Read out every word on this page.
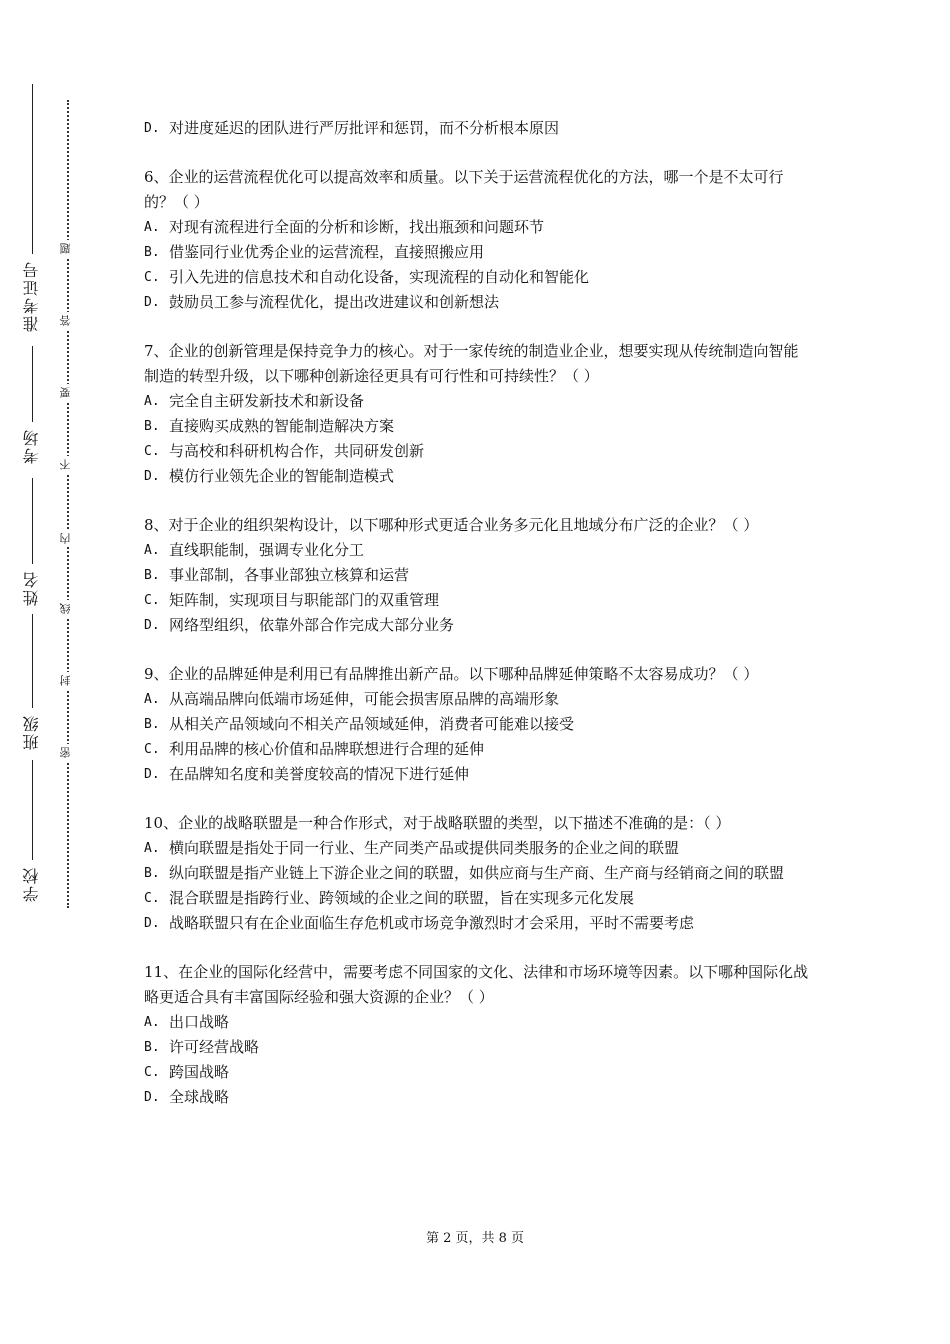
准考证号
考场
姓名
班级
学校
题
答
要
不
内
线
封
密
D. 对进度延迟的团队进行严厉批评和惩罚，而不分析根本原因

6、企业的运营流程优化可以提高效率和质量。以下关于运营流程优化的方法，哪一个是不太可行的？（ ）

A. 对现有流程进行全面的分析和诊断，找出瓶颈和问题环节
B. 借鉴同行业优秀企业的运营流程，直接照搬应用
C. 引入先进的信息技术和自动化设备，实现流程的自动化和智能化
D. 鼓励员工参与流程优化，提出改进建议和创新想法

7、企业的创新管理是保持竞争力的核心。对于一家传统的制造业企业，想要实现从传统制造向智能制造的转型升级，以下哪种创新途径更具有可行性和可持续性？（ ）

A. 完全自主研发新技术和新设备
B. 直接购买成熟的智能制造解决方案
C. 与高校和科研机构合作，共同研发创新
D. 模仿行业领先企业的智能制造模式

8、对于企业的组织架构设计，以下哪种形式更适合业务多元化且地域分布广泛的企业？（ ）

A. 直线职能制，强调专业化分工
B. 事业部制，各事业部独立核算和运营
C. 矩阵制，实现项目与职能部门的双重管理
D. 网络型组织，依靠外部合作完成大部分业务

9、企业的品牌延伸是利用已有品牌推出新产品。以下哪种品牌延伸策略不太容易成功？（ ）

A. 从高端品牌向低端市场延伸，可能会损害原品牌的高端形象
B. 从相关产品领域向不相关产品领域延伸，消费者可能难以接受
C. 利用品牌的核心价值和品牌联想进行合理的延伸
D. 在品牌知名度和美誉度较高的情况下进行延伸

10、企业的战略联盟是一种合作形式，对于战略联盟的类型，以下描述不准确的是：（ ）

A. 横向联盟是指处于同一行业、生产同类产品或提供同类服务的企业之间的联盟
B. 纵向联盟是指产业链上下游企业之间的联盟，如供应商与生产商、生产商与经销商之间的联盟
C. 混合联盟是指跨行业、跨领域的企业之间的联盟，旨在实现多元化发展
D. 战略联盟只有在企业面临生存危机或市场竞争激烈时才会采用，平时不需要考虑

11、在企业的国际化经营中，需要考虑不同国家的文化、法律和市场环境等因素。以下哪种国际化战略更适合具有丰富国际经验和强大资源的企业？（ ）

A. 出口战略
B. 许可经营战略
C. 跨国战略
D. 全球战略
第 2 页，共 8 页
